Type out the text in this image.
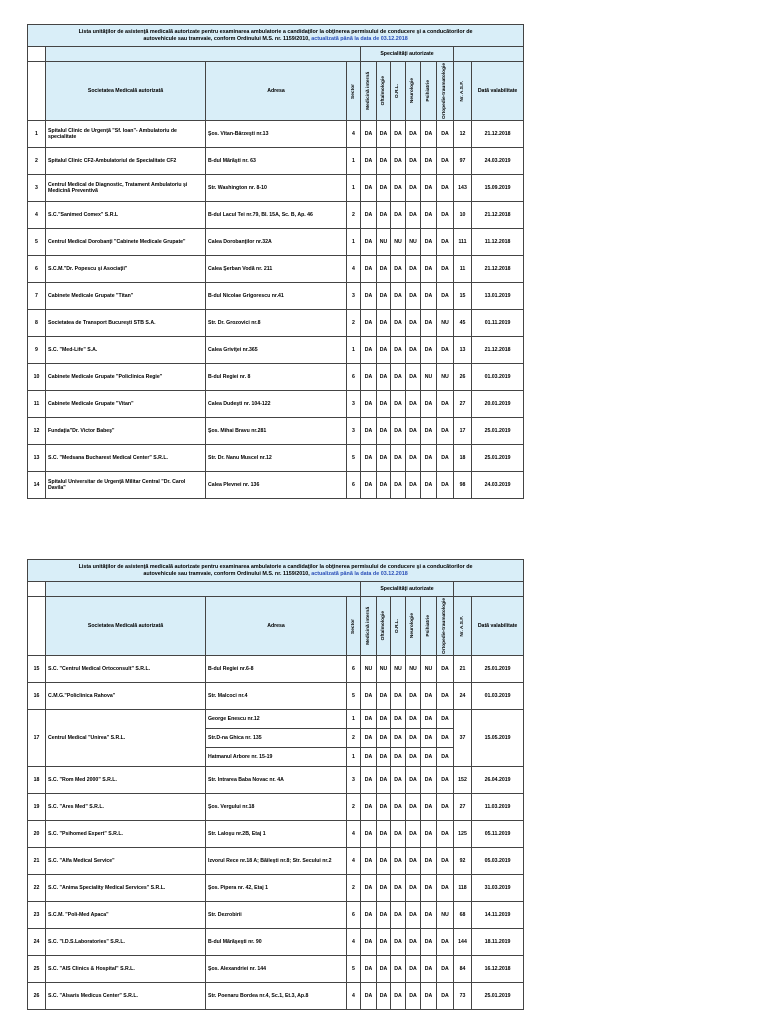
Lista unităţilor de asistenţă medicală autorizate pentru examinarea ambulatorie a candidaţilor la obţinerea permisului de conducere şi a conducătorilor de
autovehicule sau tramvaie, conform Ordinului M.S. nr. 1159/2010, actualizată până la data de 03.12.2018											
				Specialităţi autorizate							
	Societatea Medicală autorizată	Adresa	Sector	Medicină internă	Oftalmologie	O.R.L.	Neurologie	Psihiatrie	Ortopedie-traumatologie	Nr. A.S.F.	Dată valabilitate
1	Spitalul Clinic de Urgenţă "Sf. Ioan"- Ambulatoriu de specialitate	Şos. Vitan-Bârzeşti nr.13	4	DA	DA	DA	DA	DA	DA	12	21.12.2018
2	Spitalul Clinic CF2-Ambulatoriul de Specialitate CF2	B-dul Mărăşti nr. 63	1	DA	DA	DA	DA	DA	DA	97	24.03.2019
3	Centrul Medical de Diagnostic, Tratament Ambulatoriu şi Medicină Preventivă	Str. Washington nr. 8-10	1	DA	DA	DA	DA	DA	DA	143	15.09.2019
4	S.C."Sanimed Comex" S.R.L	B-dul Lacul Tei nr.79, Bl. 15A, Sc. B, Ap. 46	2	DA	DA	DA	DA	DA	DA	10	21.12.2018
5	Centrul Medical Dorobanţi "Cabinete Medicale Grupate"	Calea Dorobanţilor nr.32A	1	DA	NU	NU	NU	DA	DA	111	11.12.2018
6	S.C.M."Dr. Popescu şi Asociaţii"	Calea Şerban Vodă nr. 211	4	DA	DA	DA	DA	DA	DA	11	21.12.2018
7	Cabinete Medicale Grupate "Titan"	B-dul Nicolae Grigorescu nr.41	3	DA	DA	DA	DA	DA	DA	15	13.01.2019
8	Societatea de Transport Bucureşti STB S.A.	Str. Dr. Grozovici nr.8	2	DA	DA	DA	DA	DA	NU	45	01.11.2019
9	S.C. "Med-Life" S.A.	Calea Griviţei nr.365	1	DA	DA	DA	DA	DA	DA	13	21.12.2018
10	Cabinete Medicale Grupate "Policlinica Regie"	B-dul Regiei nr. 8	6	DA	DA	DA	DA	NU	NU	26	01.03.2019
11	Cabinete Medicale Grupate "Vitan"	Calea Dudeşti nr. 104-122	3	DA	DA	DA	DA	DA	DA	27	20.01.2019
12	Fundaţia"Dr. Victor Babeş"	Şos. Mihai Bravu nr.281	3	DA	DA	DA	DA	DA	DA	17	25.01.2019
13	S.C. "Medsana Bucharest Medical Center" S.R.L.	Str. Dr. Nanu Muscel nr.12	5	DA	DA	DA	DA	DA	DA	18	25.01.2019
14	Spitalul Universitar de Urgenţă Militar Central "Dr. Carol Davila"	Calea Plevnei nr. 136	6	DA	DA	DA	DA	DA	DA	98	24.03.2019
Lista unităţilor de asistenţă medicală autorizate pentru examinarea ambulatorie a candidaţilor la obţinerea permisului de conducere şi a conducătorilor de
autovehicule sau tramvaie, conform Ordinului M.S. nr. 1159/2010, actualizată până la data de 03.12.2018											
				Specialităţi autorizate							
	Societatea Medicală autorizată	Adresa	Sector	Medicină internă	Oftalmologie	O.R.L.	Neurologie	Psihiatrie	Ortopedie-traumatologie	Nr. A.S.F.	Dată valabilitate
15	S.C. "Centrul Medical Ortoconsult" S.R.L.	B-dul Regiei nr.6-8	6	NU	NU	NU	NU	NU	DA	21	25.01.2019
16	C.M.G."Policlinica Rahova"	Str. Malcoci nr.4	5	DA	DA	DA	DA	DA	DA	24	01.03.2019
17	Centrul Medical "Unirea" S.R.L.	George Enescu nr.12	1	DA	DA	DA	DA	DA	DA	37	15.05.2019
		Str.D-na Ghica nr. 135	2	DA	DA	DA	DA	DA	DA		
		Hatmanul Arbore nr. 15-19	1	DA	DA	DA	DA	DA	DA		
18	S.C. "Rom Med 2000" S.R.L.	Str. Intrarea Baba Novac nr. 4A	3	DA	DA	DA	DA	DA	DA	152	26.04.2019
19	S.C. "Ares Med" S.R.L.	Şos. Vergului nr.18	2	DA	DA	DA	DA	DA	DA	27	11.03.2019
20	S.C. "Psihomed Expert" S.R.L.	Str. Laloşu nr.2B, Etaj 1	4	DA	DA	DA	DA	DA	DA	125	05.11.2019
21	S.C. "Alfa Medical Service"	Izvorul Rece nr.18 A; Băileşti nr.8; Str. Secului nr.2	4	DA	DA	DA	DA	DA	DA	92	05.03.2019
22	S.C. "Anima Speciality Medical Services" S.R.L.	Şos. Pipera nr. 42, Etaj 1	2	DA	DA	DA	DA	DA	DA	118	31.03.2019
23	S.C.M. "Poli-Med Apaca"	Str. Dezrobirii	6	DA	DA	DA	DA	DA	NU	68	14.11.2019
24	S.C. "I.D.S.Laboratories" S.R.L.	B-dul Mărăşeşti nr. 90	4	DA	DA	DA	DA	DA	DA	144	18.11.2019
25	S.C. "AIS Clinics & Hospital" S.R.L.	Şos. Alexandriei nr. 144	5	DA	DA	DA	DA	DA	DA	84	16.12.2018
26	S.C. "Alsaris Medicus Center" S.R.L.	Str. Poenaru Bordea nr.4, Sc.1, Et.3, Ap.8	4	DA	DA	DA	DA	DA	DA	73	25.01.2019
